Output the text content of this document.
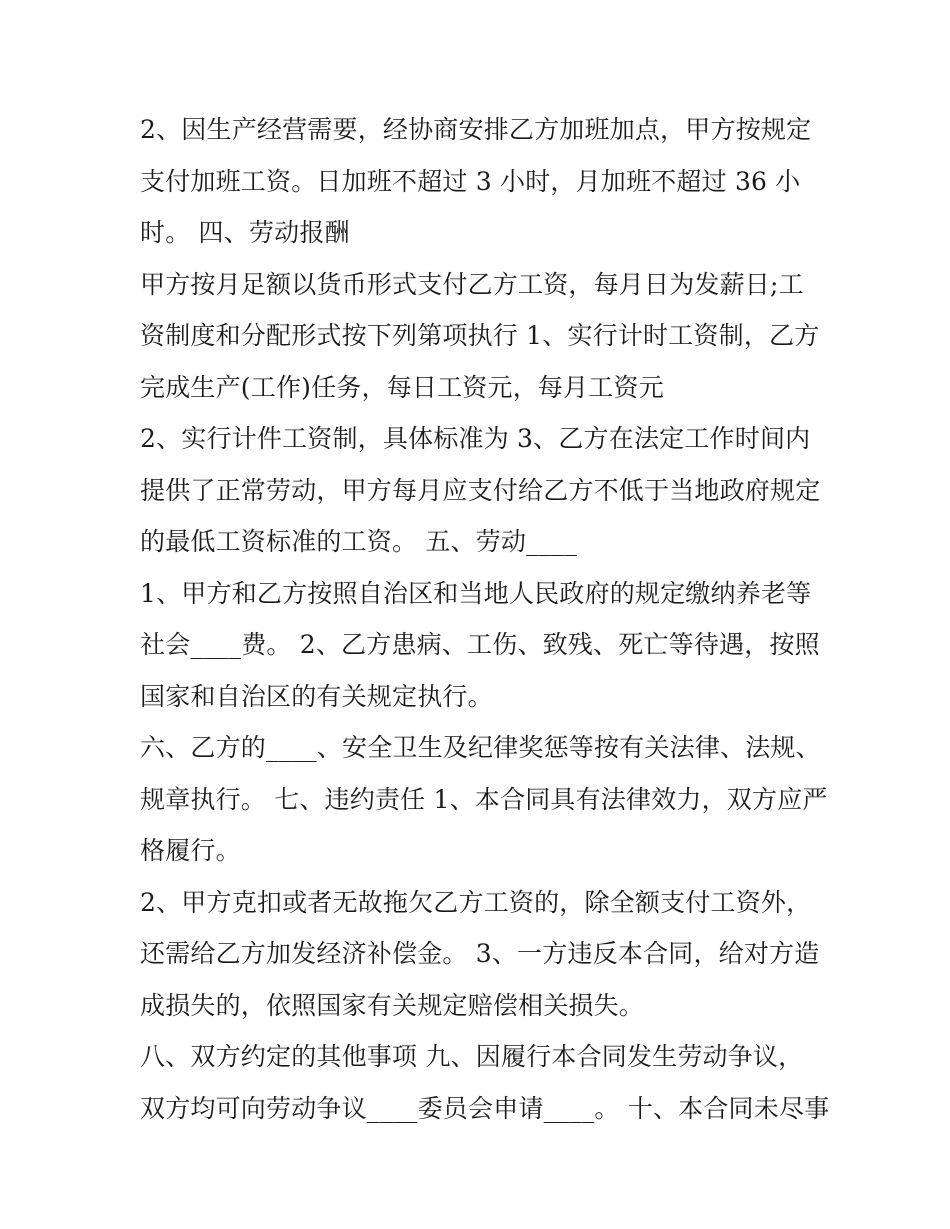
2、因生产经营需要，经协商安排乙方加班加点，甲方按规定
支付加班工资。日加班不超过 3 小时，月加班不超过 36 小
时。 四、劳动报酬
甲方按月足额以货币形式支付乙方工资，每月日为发薪日;工
资制度和分配形式按下列第项执行 1、实行计时工资制，乙方
完成生产(工作)任务，每日工资元，每月工资元
2、实行计件工资制，具体标准为 3、乙方在法定工作时间内
提供了正常劳动，甲方每月应支付给乙方不低于当地政府规定
的最低工资标准的工资。 五、劳动____
1、甲方和乙方按照自治区和当地人民政府的规定缴纳养老等
社会____费。 2、乙方患病、工伤、致残、死亡等待遇，按照
国家和自治区的有关规定执行。
六、乙方的____、安全卫生及纪律奖惩等按有关法律、法规、
规章执行。 七、违约责任 1、本合同具有法律效力，双方应严
格履行。
2、甲方克扣或者无故拖欠乙方工资的，除全额支付工资外，
还需给乙方加发经济补偿金。 3、一方违反本合同，给对方造
成损失的，依照国家有关规定赔偿相关损失。
八、双方约定的其他事项 九、因履行本合同发生劳动争议，
双方均可向劳动争议____委员会申请____。 十、本合同未尽事
